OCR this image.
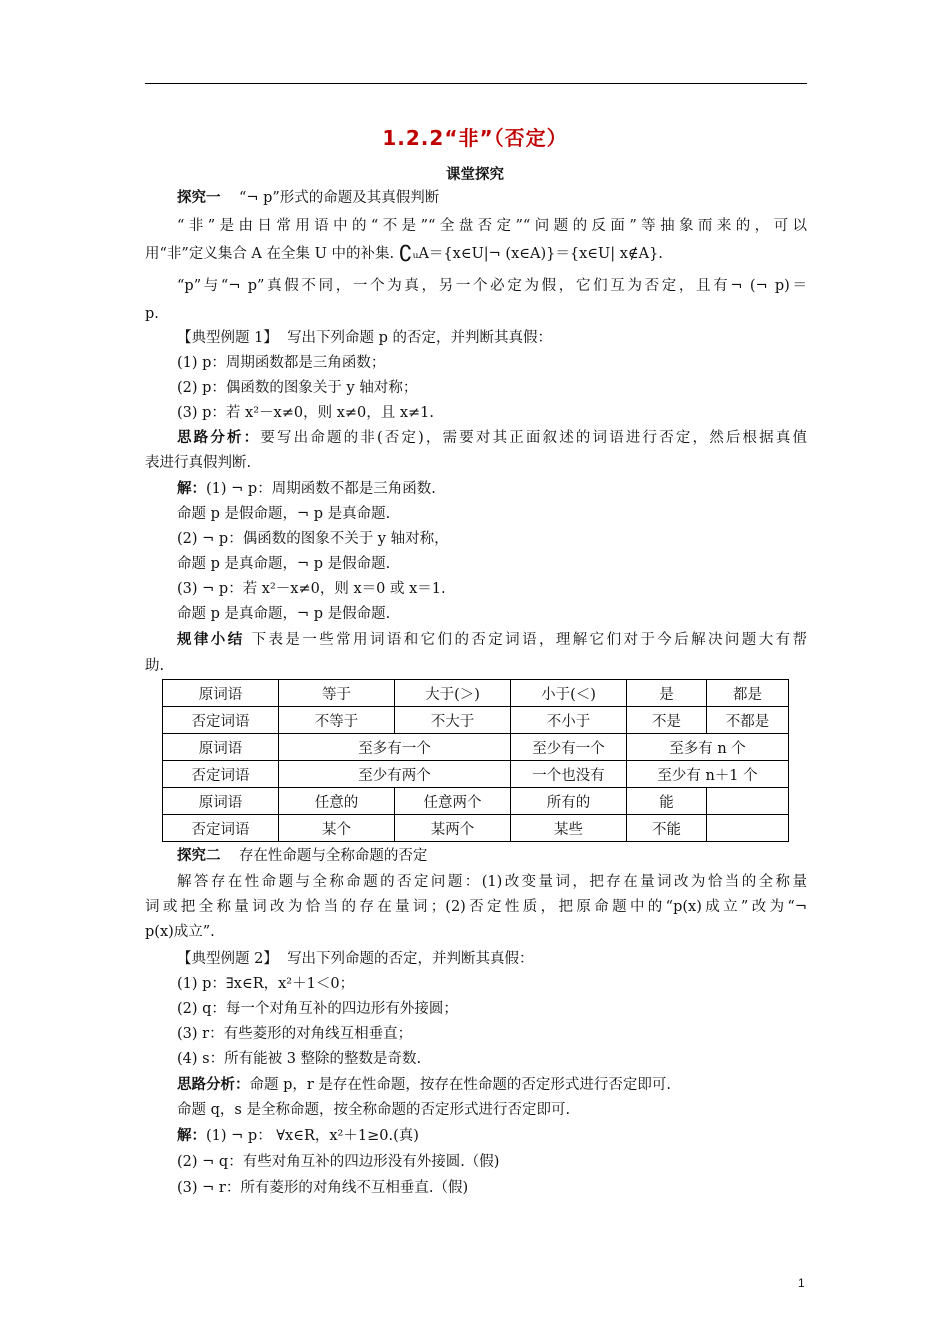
1.2.2“非”（否定）
课堂探究
探究一 “¬ p”形式的命题及其真假判断
“非”是由日常用语中的“不是”“全盘否定”“问题的反面”等抽象而来的，可以
用“非”定义集合 A 在全集 U 中的补集. ∁ᵤA＝{x∈U|¬ (x∈A)}＝{x∈U| x∉A}.
“p”与“¬ p”真假不同，一个为真，另一个必定为假，它们互为否定，且有¬ (¬ p)＝
p.
【典型例题 1】 写出下列命题 p 的否定，并判断其真假：
(1) p：周期函数都是三角函数；
(2) p：偶函数的图象关于 y 轴对称；
(3) p：若 x²－x≠0，则 x≠0，且 x≠1.
思路分析：要写出命题的非(否定)，需要对其正面叙述的词语进行否定，然后根据真值
表进行真假判断.
解：(1) ¬ p：周期函数不都是三角函数.
命题 p 是假命题，¬ p 是真命题.
(2) ¬ p：偶函数的图象不关于 y 轴对称，
命题 p 是真命题，¬ p 是假命题.
(3) ¬ p：若 x²－x≠0，则 x＝0 或 x＝1.
命题 p 是真命题，¬ p 是假命题.
规律小结 下表是一些常用词语和它们的否定词语，理解它们对于今后解决问题大有帮
助.
原词语	等于	大于(＞)	小于(＜)	是	都是
否定词语	不等于	不大于	不小于	不是	不都是
原词语	至多有一个		至少有一个	至多有 n 个	
否定词语	至少有两个		一个也没有	至少有 n＋1 个	
原词语	任意的	任意两个	所有的	能	
否定词语	某个	某两个	某些	不能	
探究二 存在性命题与全称命题的否定
解答存在性命题与全称命题的否定问题：(1)改变量词，把存在量词改为恰当的全称量
词或把全称量词改为恰当的存在量词；(2)否定性质，把原命题中的“p(x)成立”改为“¬
p(x)成立”.
【典型例题 2】 写出下列命题的否定，并判断其真假：
(1) p：∃x∈R，x²＋1＜0；
(2) q：每一个对角互补的四边形有外接圆；
(3) r：有些菱形的对角线互相垂直；
(4) s：所有能被 3 整除的整数是奇数.
思路分析：命题 p，r 是存在性命题，按存在性命题的否定形式进行否定即可.
命题 q，s 是全称命题，按全称命题的否定形式进行否定即可.
解：(1) ¬ p： ∀x∈R，x²＋1≥0.(真)
(2) ¬ q：有些对角互补的四边形没有外接圆.（假)
(3) ¬ r：所有菱形的对角线不互相垂直.（假)
1
